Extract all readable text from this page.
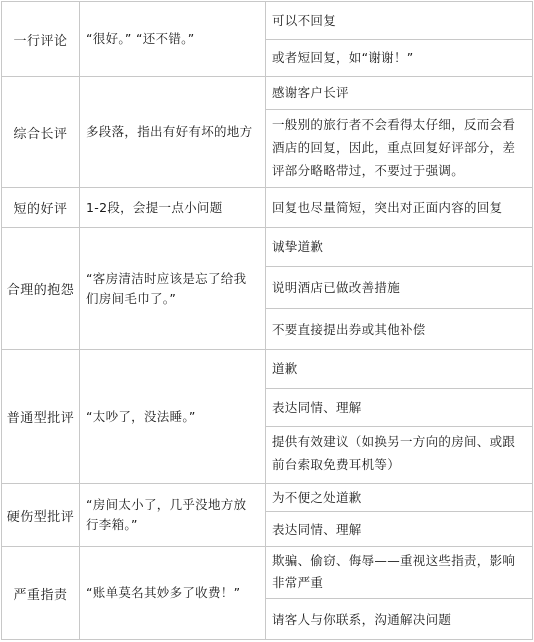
一行评论 “很好。” “还不错。”
可以不回复
或者短回复，如“谢谢！”
综合长评 多段落，指出有好有坏的地方
感谢客户长评
一般别的旅行者不会看得太仔细，反而会看酒店的回复，因此，重点回复好评部分，差评部分略略带过，不要过于强调。
短的好评 1-2段，会提一点小问题	回复也尽量简短，突出对正面内容的回复
合理的抱怨
“客房清洁时应该是忘了给我们房间毛巾了。”
诚挚道歉
说明酒店已做改善措施
不要直接提出券或其他补偿
普通型批评 “太吵了，没法睡。”
道歉
表达同情、理解
提供有效建议（如换另一方向的房间、或跟前台索取免费耳机等）
硬伤型批评
“房间太小了，几乎没地方放行李箱。”
为不便之处道歉
表达同情、理解
严重指责 “账单莫名其妙多了收费！”
欺骗、偷窃、侮辱——重视这些指责，影响非常严重
请客人与你联系，沟通解决问题
